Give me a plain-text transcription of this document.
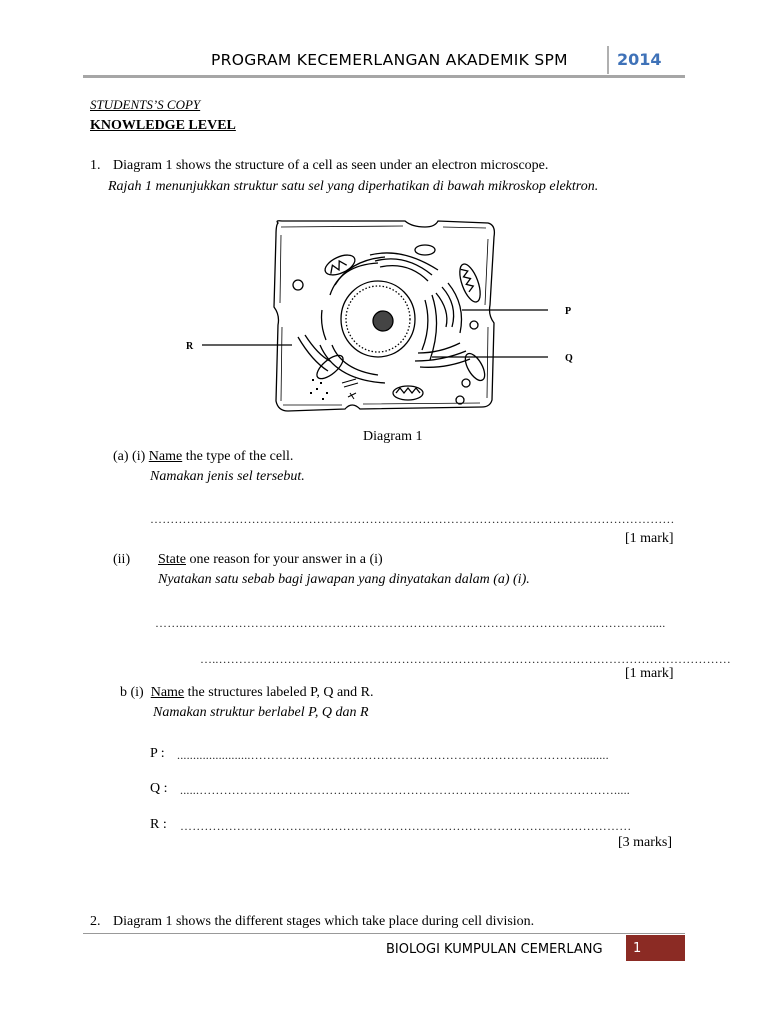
PROGRAM KECEMERLANGAN AKADEMIK SPM	2014
STUDENTS’S COPY
KNOWLEDGE LEVEL
1. Diagram 1 shows the structure of a cell as seen under an electron microscope.
Rajah 1 menunjukkan struktur satu sel yang diperhatikan di bawah mikroskop elektron.
P
Q
R
Diagram 1
(a) (i) Name the type of the cell.
Namakan jenis sel tersebut.
…………………………………………………………………………………………………………………
[1 mark]
(ii) State one reason for your answer in a (i)
Nyatakan satu sebab bagi jawapan yang dinyatakan dalam (a) (i).
……..…………………………………………………………………………………………………….....
…..………………………………………………………………………………………………………………
[1 mark]
b (i) Name the structures labeled P, Q and R.
Namakan struktur berlabel P, Q dan R
P : .......................……………………………………………………………………….........
Q : ......………………………………………………………………………………………….....
R : …………………………………………………………………………………………………
[3 marks]
2. Diagram 1 shows the different stages which take place during cell division.
BIOLOGI KUMPULAN CEMERLANG 1
